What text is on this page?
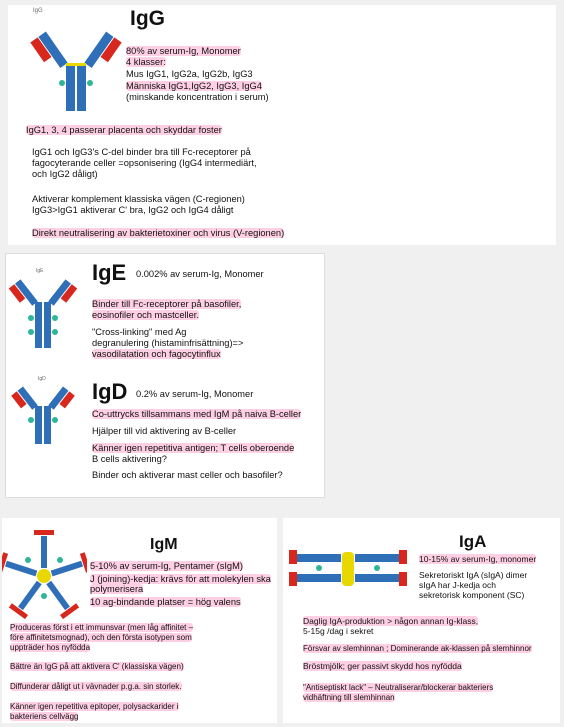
IgG	IgG
80% av serum-Ig, Monomer
4 klasser:
Mus IgG1, IgG2a, IgG2b, IgG3
Människa IgG1,IgG2, IgG3, IgG4
(minskande koncentration i serum)
IgG1, 3, 4 passerar placenta och skyddar foster
IgG1 och IgG3's C-del binder bra till Fc-receptorer på
fagocyterande celler =opsonisering (IgG4 intermediärt,
och IgG2 dåligt)
Aktiverar komplement klassiska vägen (C-regionen)
IgG3>IgG1 aktiverar C' bra, IgG2 och IgG4 dåligt
Direkt neutralisering av bakterietoxiner och virus (V-regionen)
IgE IgE 0.002% av serum-Ig, Monomer
Binder till Fc-receptorer på basofiler,
eosinofiler och mastceller.
"Cross-linking" med Ag
degranulering (histaminfrisättning)=>
vasodilatation och fagocytinflux
IgD IgD 0.2% av serum-Ig, Monomer
Co-uttrycks tillsammans med IgM på naiva B-celler
Hjälper till vid aktivering av B-celler
Känner igen repetitiva antigen; T cells oberoende
B cells aktivering?
Binder och aktiverar mast celler och basofiler?
IgM
5-10% av serum-Ig, Pentamer (sIgM)
J (joining)-kedja: krävs för att molekylen ska
polymerisera
10 ag-bindande platser = hög valens
Produceras först i ett immunsvar (men låg affinitet –
före affinitetsmognad), och den första isotypen som
uppträder hos nyfödda
Bättre än IgG på att aktivera C' (klassiska vägen)
Diffunderar dåligt ut i vävnader p.g.a. sin storlek.
Känner igen repetitiva epitoper, polysackarider i
bakteriens cellvägg
IgA
10-15% av serum-Ig, monomer
Sekretoriskt IgA (sIgA) dimer
sIgA har J-kedja och
sekretorisk komponent (SC)
Daglig IgA-produktion > någon annan Ig-klass,
5-15g /dag i sekret
Försvar av slemhinnan ; Dominerande ak-klassen på slemhinnor
Bröstmjölk; ger passivt skydd hos nyfödda
"Antiseptiskt lack" – Neutraliserar/blockerar bakteriers
vidhäftning till slemhinnan
